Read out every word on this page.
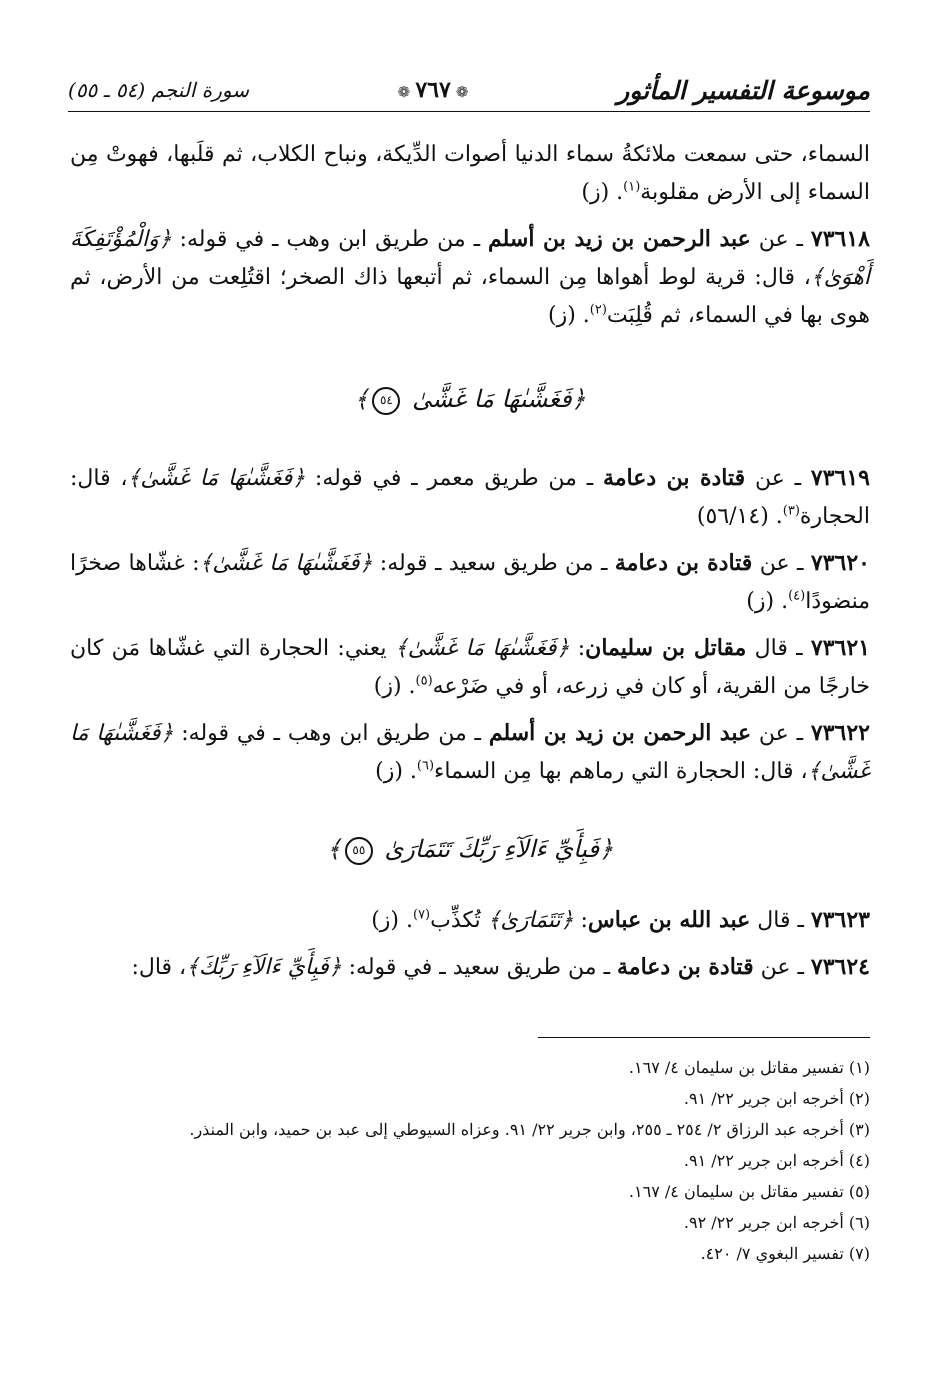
موسوعة التفسير المأثور
❁ ٧٦٧ ❁
سورة النجم (٥٤ ـ ٥٥)

السماء، حتى سمعت ملائكةُ سماء الدنيا أصوات الدِّيكة، ونباح الكلاب، ثم قلَبها، فهوتْ مِن السماء إلى الأرض مقلوبة$^{(١)}$. (ز)

٧٣٦١٨ ـ عن عبد الرحمن بن زيد بن أسلم ـ من طريق ابن وهب ـ في قوله: ﴿وَالْمُؤْتَفِكَةَ أَهْوَىٰ﴾، قال: قرية لوط أهواها مِن السماء، ثم أتبعها ذاك الصخر؛ اقتُلِعت من الأرض، ثم هوى بها في السماء، ثم قُلِبَت$^{(٢)}$. (ز)

﴿فَغَشَّىٰهَا مَا غَشَّىٰ ٥٤﴾

٧٣٦١٩ ـ عن قتادة بن دعامة ـ من طريق معمر ـ في قوله: ﴿فَغَشَّىٰهَا مَا غَشَّىٰ﴾، قال: الحجارة$^{(٣)}$. (٥٦/١٤)

٧٣٦٢٠ ـ عن قتادة بن دعامة ـ من طريق سعيد ـ قوله: ﴿فَغَشَّىٰهَا مَا غَشَّىٰ﴾: غشّاها صخرًا منضودًا$^{(٤)}$. (ز)

٧٣٦٢١ ـ قال مقاتل بن سليمان: ﴿فَغَشَّىٰهَا مَا غَشَّىٰ﴾ يعني: الحجارة التي غشّاها مَن كان خارجًا من القرية، أو كان في زرعه، أو في ضَرْعه$^{(٥)}$. (ز)

٧٣٦٢٢ ـ عن عبد الرحمن بن زيد بن أسلم ـ من طريق ابن وهب ـ في قوله: ﴿فَغَشَّىٰهَا مَا غَشَّىٰ﴾، قال: الحجارة التي رماهم بها مِن السماء$^{(٦)}$. (ز)

﴿فَبِأَيِّ ءَالَآءِ رَبِّكَ تَتَمَارَىٰ ٥٥﴾

٧٣٦٢٣ ـ قال عبد الله بن عباس: ﴿تَتَمَارَىٰ﴾ تُكذِّب$^{(٧)}$. (ز)

٧٣٦٢٤ ـ عن قتادة بن دعامة ـ من طريق سعيد ـ في قوله: ﴿فَبِأَيِّ ءَالَآءِ رَبِّكَ﴾، قال:

(١) تفسير مقاتل بن سليمان ٤/ ١٦٧.

(٢) أخرجه ابن جرير ٢٢/ ٩١.

(٣) أخرجه عبد الرزاق ٢/ ٢٥٤ ـ ٢٥٥، وابن جرير ٢٢/ ٩١. وعزاه السيوطي إلى عبد بن حميد، وابن المنذر.

(٤) أخرجه ابن جرير ٢٢/ ٩١.

(٥) تفسير مقاتل بن سليمان ٤/ ١٦٧.

(٦) أخرجه ابن جرير ٢٢/ ٩٢.

(٧) تفسير البغوي ٧/ ٤٢٠.
